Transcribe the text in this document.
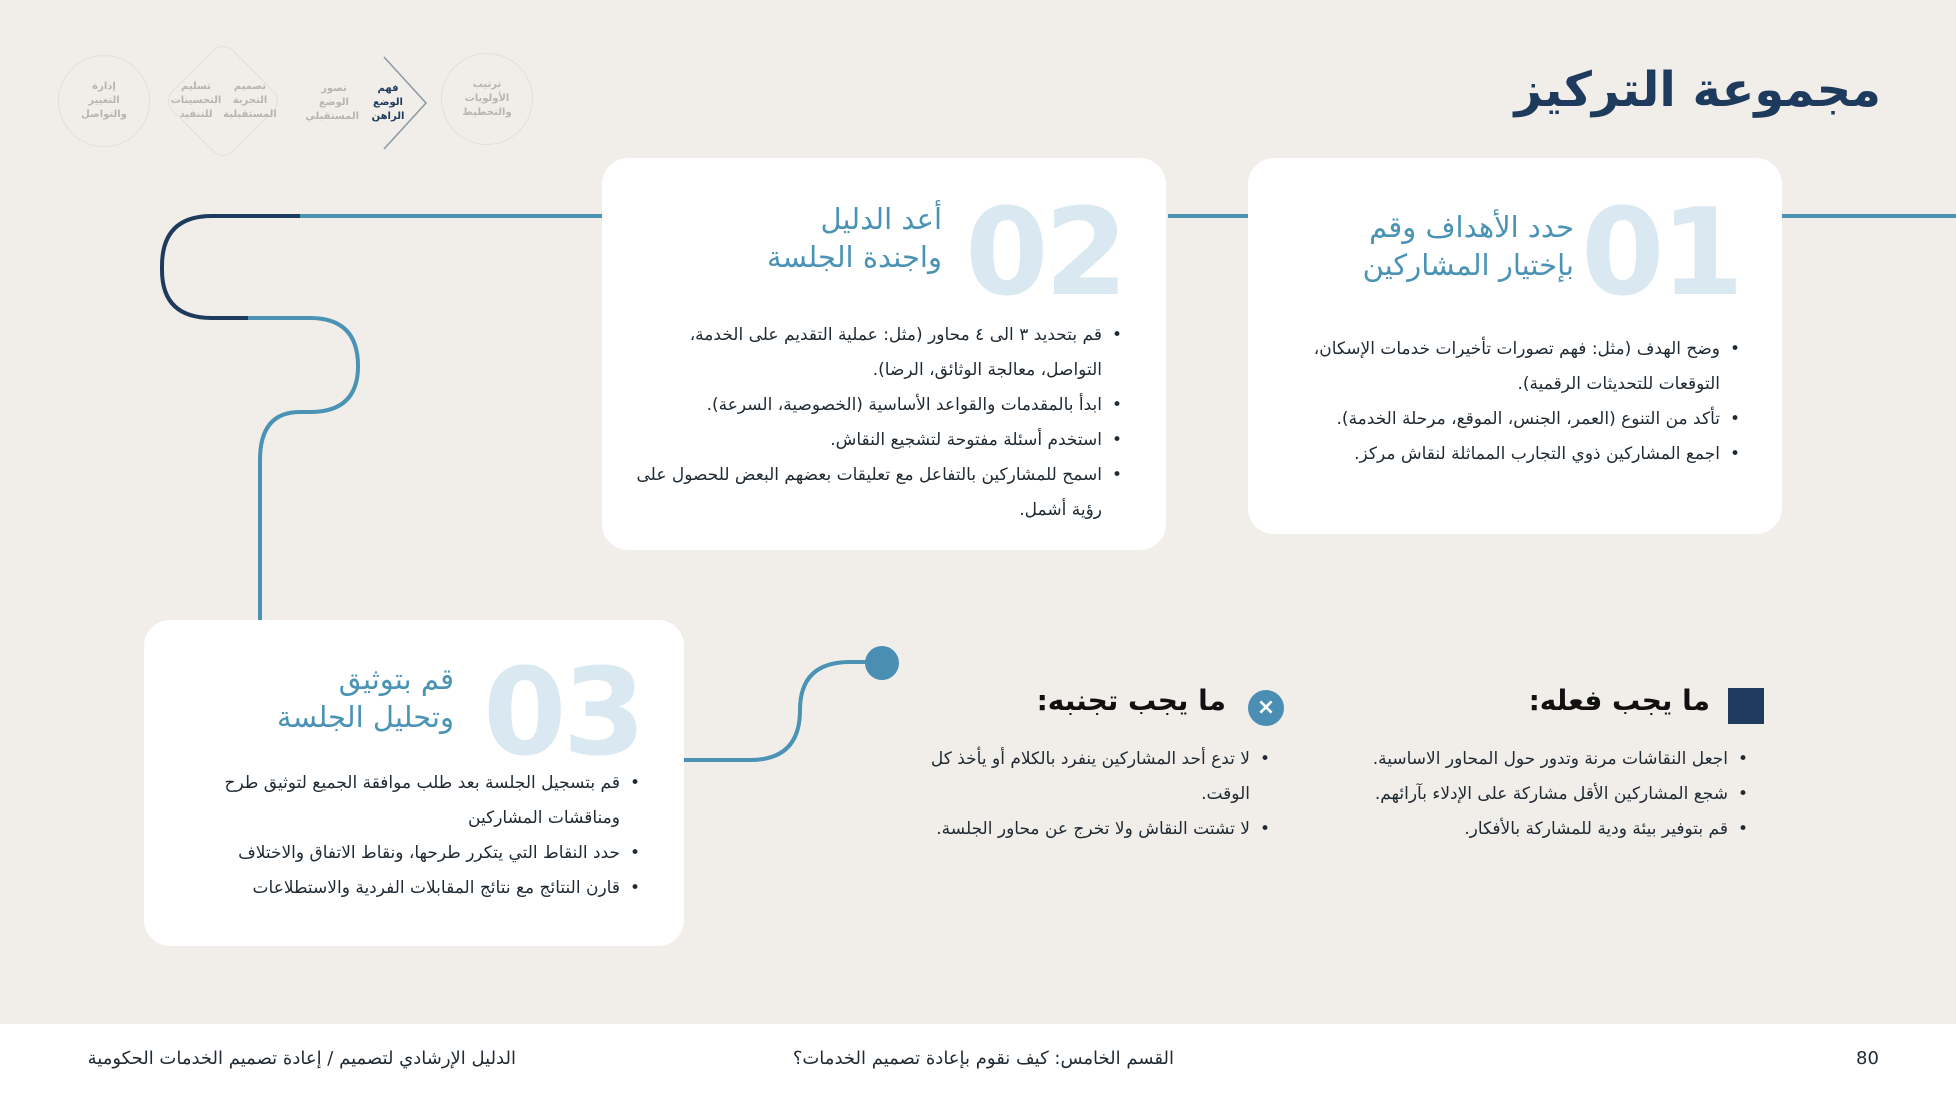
مجموعة التركيز
ترتيب الأولويات والتخطيط
فهم الوضع الراهن
تصور الوضع المستقبلي
تصميم التجربة المستقبلية
تسليم التحسينات للتنفيذ
إدارة التغيير والتواصل
01
حدد الأهداف وقم
بإختيار المشاركين
• وضح الهدف (مثل: فهم تصورات تأخيرات خدمات الإسكان، التوقعات للتحديثات الرقمية).
• تأكد من التنوع (العمر، الجنس، الموقع، مرحلة الخدمة).
• اجمع المشاركين ذوي التجارب المماثلة لنقاش مركز.
02
أعد الدليل
واجندة الجلسة
• قم بتحديد ٣ الى ٤ محاور (مثل: عملية التقديم على الخدمة، التواصل، معالجة الوثائق، الرضا).
• ابدأ بالمقدمات والقواعد الأساسية (الخصوصية، السرعة).
• استخدم أسئلة مفتوحة لتشجيع النقاش.
• اسمح للمشاركين بالتفاعل مع تعليقات بعضهم البعض للحصول على رؤية أشمل.
03
قم بتوثيق
وتحليل الجلسة
• قم بتسجيل الجلسة بعد طلب موافقة الجميع لتوثيق طرح ومناقشات المشاركين
• حدد النقاط التي يتكرر طرحها، ونقاط الاتفاق والاختلاف
• قارن النتائج مع نتائج المقابلات الفردية والاستطلاعات
ما يجب فعله:
• اجعل النقاشات مرنة وتدور حول المحاور الاساسية.
• شجع المشاركين الأقل مشاركة على الإدلاء بآرائهم.
• قم بتوفير بيئة ودية للمشاركة بالأفكار.
×
ما يجب تجنبه:
• لا تدع أحد المشاركين ينفرد بالكلام أو يأخذ كل الوقت.
• لا تشتت النقاش ولا تخرج عن محاور الجلسة.
80
القسم الخامس: كيف نقوم بإعادة تصميم الخدمات؟
الدليل الإرشادي لتصميم / إعادة تصميم الخدمات الحكومية
